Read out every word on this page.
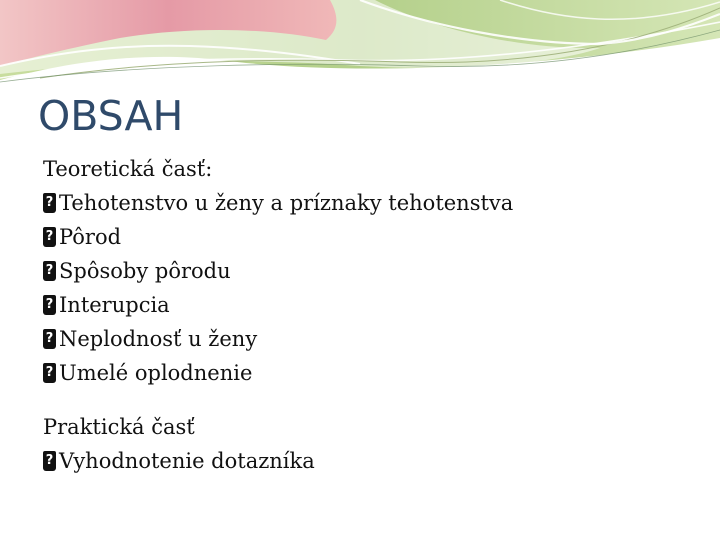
OBSAH
Teoretická časť:
Tehotenstvo u ženy a príznaky tehotenstva
Pôrod
Spôsoby pôrodu
Interupcia
Neplodnosť u ženy
Umelé oplodnenie
Praktická časť
Vyhodnotenie dotazníka
